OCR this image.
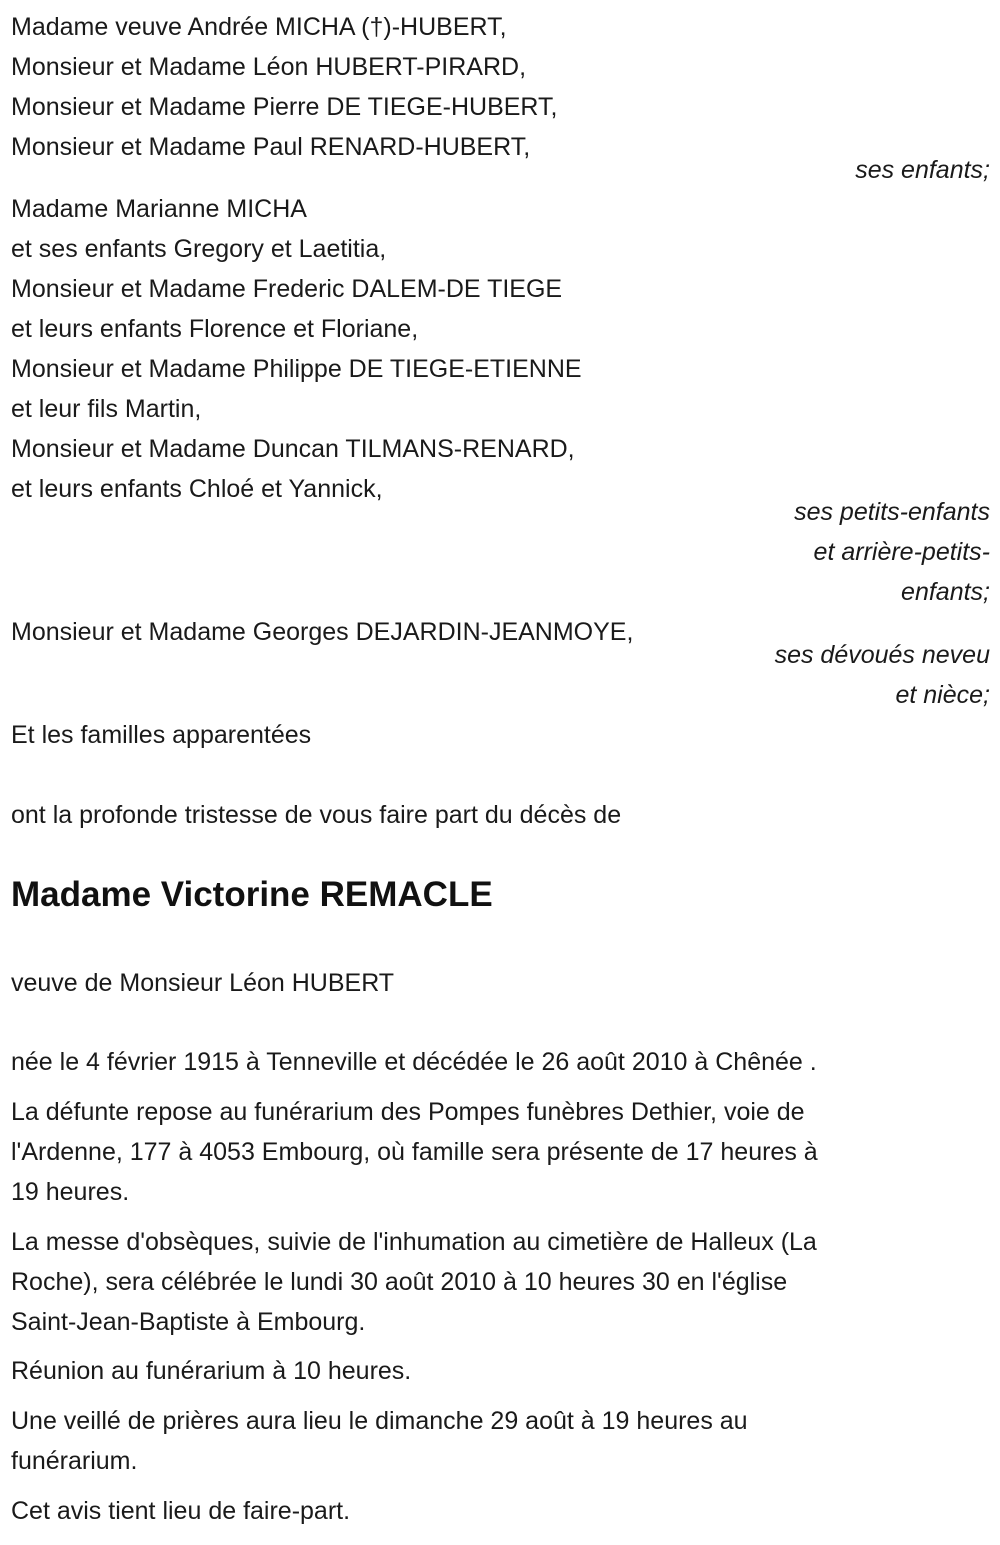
Madame veuve Andrée MICHA (†)-HUBERT,
Monsieur et Madame Léon HUBERT-PIRARD,
Monsieur et Madame Pierre DE TIEGE-HUBERT,
Monsieur et Madame Paul RENARD-HUBERT,
ses enfants;
Madame Marianne MICHA
et ses enfants Gregory et Laetitia,
Monsieur et Madame Frederic DALEM-DE TIEGE
et leurs enfants Florence et Floriane,
Monsieur et Madame Philippe DE TIEGE-ETIENNE
et leur fils Martin,
Monsieur et Madame Duncan TILMANS-RENARD,
et leurs enfants Chloé et Yannick,
ses petits-enfants
et arrière-petits-
enfants;
Monsieur et Madame Georges DEJARDIN-JEANMOYE,
ses dévoués neveu
et nièce;
Et les familles apparentées
ont la profonde tristesse de vous faire part du décès de
Madame Victorine REMACLE
veuve de Monsieur Léon HUBERT
née le 4 février 1915 à Tenneville et décédée le 26 août 2010 à Chênée .
La défunte repose au funérarium des Pompes funèbres Dethier, voie de
l'Ardenne, 177 à 4053 Embourg, où famille sera présente de 17 heures à
19 heures.
La messe d'obsèques, suivie de l'inhumation au cimetière de Halleux (La
Roche), sera célébrée le lundi 30 août 2010 à 10 heures 30 en l'église
Saint-Jean-Baptiste à Embourg.
Réunion au funérarium à 10 heures.
Une veillé de prières aura lieu le dimanche 29 août à 19 heures au
funérarium.
Cet avis tient lieu de faire-part.
